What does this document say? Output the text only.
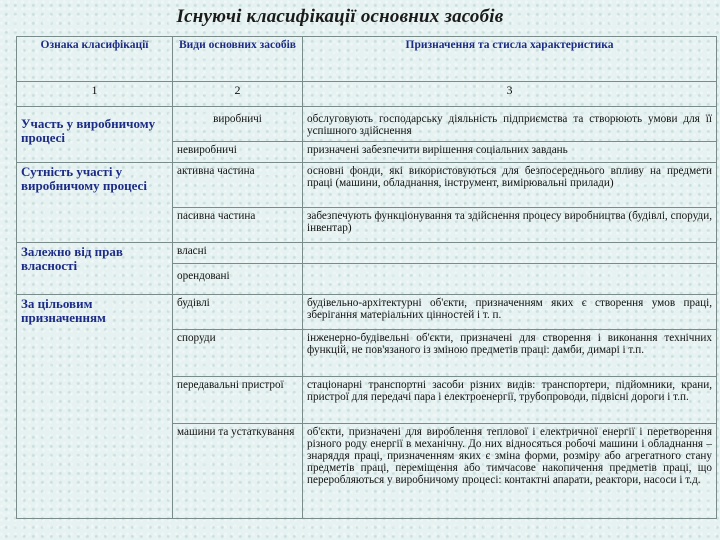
Існуючі класифікації основних засобів
Ознака класифікації	Види основних засобів	Призначення та стисла характеристика
1	2	3
Участь у виробничому процесі	виробничі	обслуговують господарську діяльність підприємства та створюють умови для її успішного здійснення
	невиробничі	призначені забезпечити вирішення соціальних завдань
Сутність участі у виробничому процесі	активна частина	основні фонди, які використовуються для безпосереднього впливу на предмети праці (машини, обладнання, інструмент, вимірювальні прилади)
	пасивна частина	забезпечують функціонування та здійснення процесу виробництва (будівлі, споруди, інвентар)
Залежно від прав власності	власні	
	орендовані	
За цільовим призначенням	будівлі	будівельно-архітектурні об'єкти, призначенням яких є створення умов праці, зберігання матеріальних цінностей і т. п.
	споруди	інженерно-будівельні об'єкти, призначені для створення і виконання технічних функцій, не пов'язаного із зміною предметів праці: дамби, димарі і т.п.
	передавальні пристрої	стаціонарні транспортні засоби різних видів: транспортери, підйомники, крани, пристрої для передачі пара і електроенергії, трубопроводи, підвісні дороги і т.п.
	машини та устаткування	об'єкти, призначені для вироблення теплової і електричної енергії і перетворення різного роду енергії в механічну. До них відносяться робочі машини і обладнання – знаряддя праці, призначенням яких є зміна форми, розміру або агрегатного стану предметів праці, переміщення або тимчасове накопичення предметів праці, що переробляються у виробничому процесі: контактні апарати, реактори, насоси і т.д.
